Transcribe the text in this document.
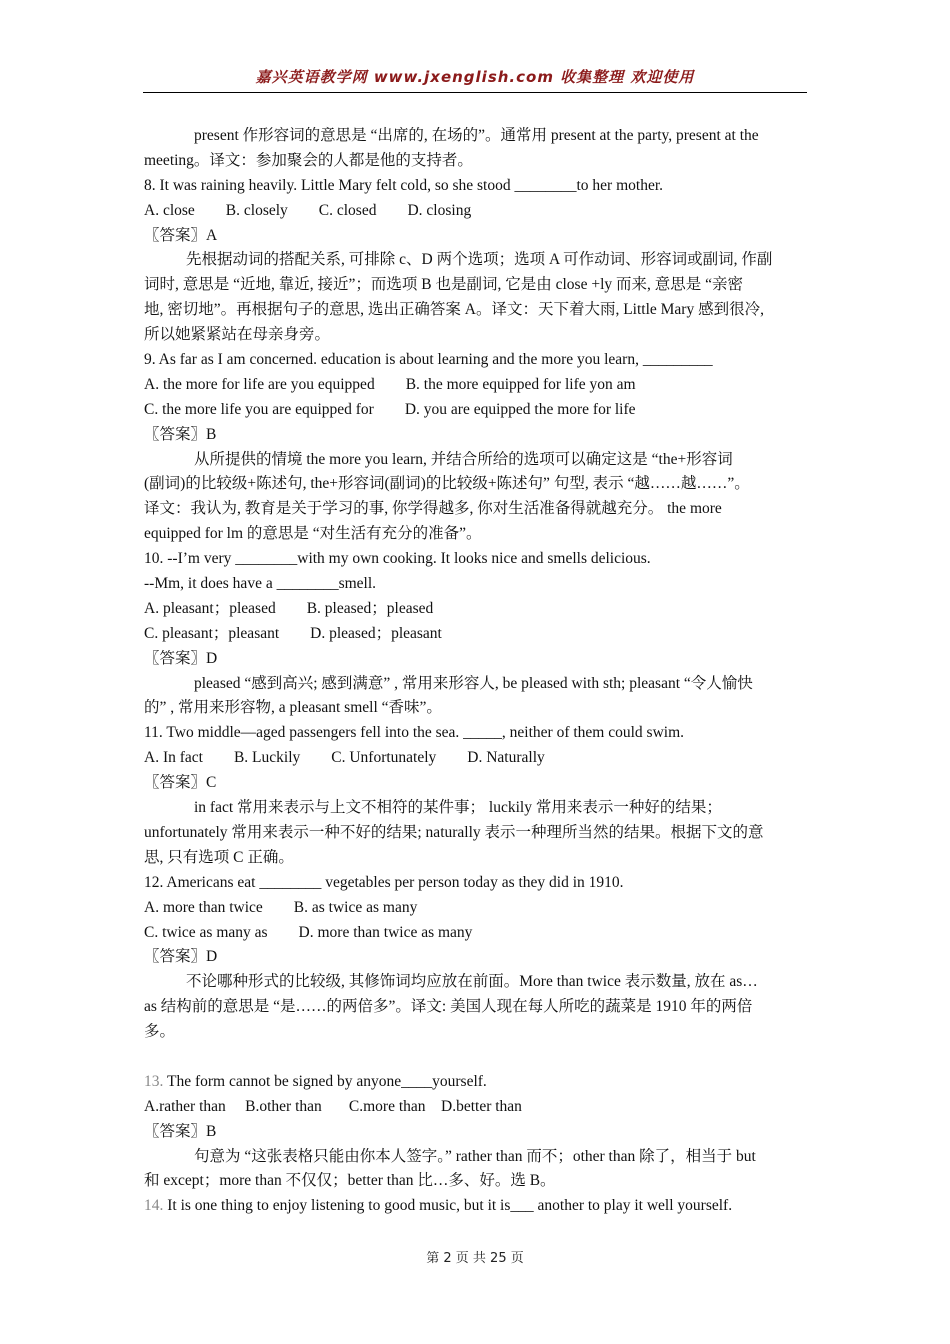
嘉兴英语教学网 www.jxenglish.com 收集整理 欢迎使用
present 作形容词的意思是 “出席的, 在场的”。通常用 present at the party, present at the
meeting。译文：参加聚会的人都是他的支持者。
8. It was raining heavily. Little Mary felt cold, so she stood ________to her mother.
A. close        B. closely        C. closed        D. closing
〖答案〗A
先根据动词的搭配关系, 可排除 c、D 两个选项；选项 A 可作动词、形容词或副词, 作副
词时, 意思是 “近地, 靠近, 接近”；而选项 B 也是副词, 它是由 close +ly 而来, 意思是 “亲密
地, 密切地”。再根据句子的意思, 选出正确答案 A。译文：天下着大雨, Little Mary 感到很冷,
所以她紧紧站在母亲身旁。
9. As far as I am concerned. education is about learning and the more you learn, _________
A. the more for life are you equipped        B. the more equipped for life yon am
C. the more life you are equipped for        D. you are equipped the more for life
〖答案〗B
从所提供的情境 the more you learn, 并结合所给的选项可以确定这是 “the+形容词
(副词)的比较级+陈述句, the+形容词(副词)的比较级+陈述句” 句型, 表示 “越……越……”。
译文：我认为, 教育是关于学习的事, 你学得越多, 你对生活准备得就越充分。 the more
equipped for lm 的意思是 “对生活有充分的准备”。
10. --I’m very ________with my own cooking. It looks nice and smells delicious.
--Mm, it does have a ________smell.
A. pleasant；pleased        B. pleased；pleased
C. pleasant；pleasant        D. pleased；pleasant
〖答案〗D
pleased “感到高兴; 感到满意” , 常用来形容人, be pleased with sth; pleasant “令人愉快
的” , 常用来形容物, a pleasant smell “香味”。
11. Two middle—aged passengers fell into the sea. _____, neither of them could swim.
A. In fact        B. Luckily        C. Unfortunately        D. Naturally
〖答案〗C
in fact 常用来表示与上文不相符的某件事； luckily 常用来表示一种好的结果；
unfortunately 常用来表示一种不好的结果; naturally 表示一种理所当然的结果。根据下文的意
思, 只有选项 C 正确。
12. Americans eat ________ vegetables per person today as they did in 1910.
A. more than twice        B. as twice as many
C. twice as many as        D. more than twice as many
〖答案〗D
不论哪种形式的比较级, 其修饰词均应放在前面。More than twice 表示数量, 放在 as…
as 结构前的意思是 “是……的两倍多”。译文: 美国人现在每人所吃的蔬菜是 1910 年的两倍
多。
13. The form cannot be signed by anyone____yourself.
A.rather than     B.other than       C.more than    D.better than
〖答案〗B
句意为 “这张表格只能由你本人签字。” rather than 而不；other than 除了，相当于 but
和 except；more than 不仅仅；better than 比…多、好。选 B。
14. It is one thing to enjoy listening to good music, but it is___ another to play it well yourself.
第 2 页 共 25 页
